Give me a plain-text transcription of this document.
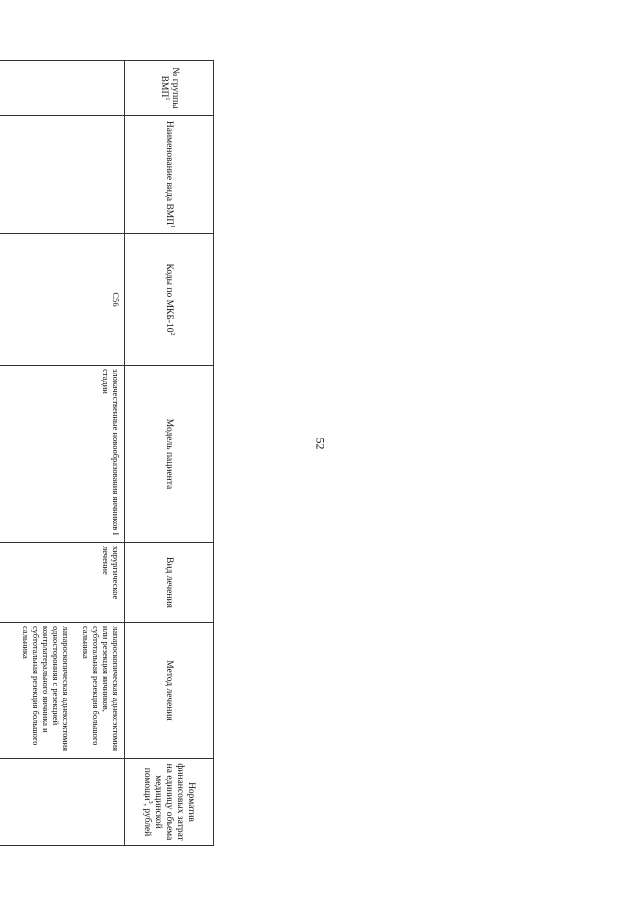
52
№ группы ВМП$^1$	Наименование вида ВМП$^1$	Коды по МКБ-$10^2$	Модель пациента	Вид лечения	Метод лечения	Норматив финансовых затрат на единицу объема медицинской помощи$^3$, рублей
		C56	злокачественные новообразования яичников I стадии	хирургическое лечение	лапароскопическая аднексэктомия или резекция яичников, субтотальная резекция большого сальника
лапароскопическая аднексэктомия односторонняя с резекцией контрлатерального яичника и субтотальная резекция большого сальника	
